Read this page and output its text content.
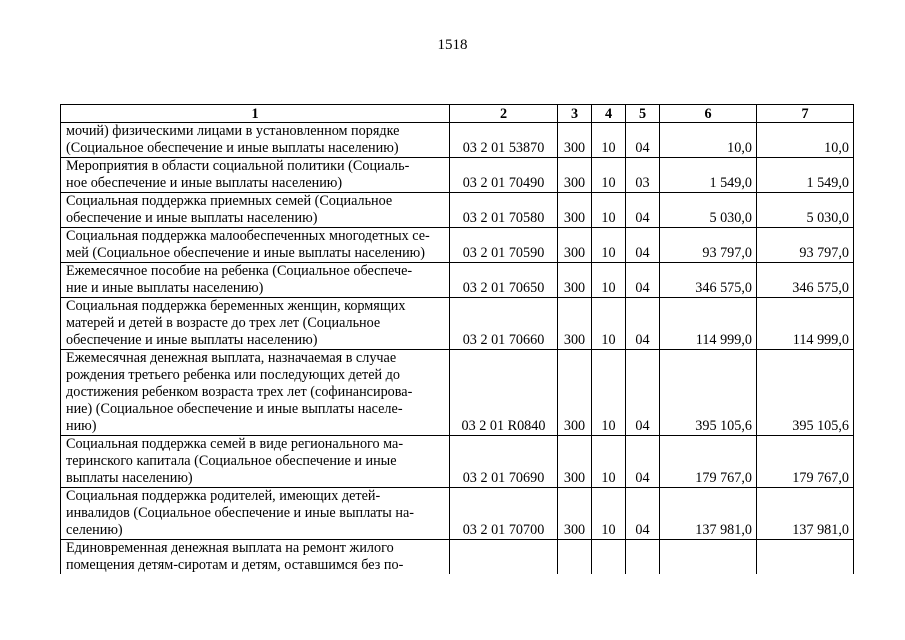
1518
1	2	3	4	5	6	7

мочий) физическими лицами в установленном порядке
(Социальное обеспечение и иные выплаты населению)	03 2 01 53870	300	10	04	10,0	10,0

Мероприятия в области социальной политики (Социаль-
ное обеспечение и иные выплаты населению)	03 2 01 70490	300	10	03	1 549,0	1 549,0

Социальная поддержка приемных семей (Социальное
обеспечение и иные выплаты населению)	03 2 01 70580	300	10	04	5 030,0	5 030,0

Социальная поддержка малообеспеченных многодетных се-
мей (Социальное обеспечение и иные выплаты населению)	03 2 01 70590	300	10	04	93 797,0	93 797,0

Ежемесячное пособие на ребенка (Социальное обеспече-
ние и иные выплаты населению)	03 2 01 70650	300	10	04	346 575,0	346 575,0

Социальная поддержка беременных женщин, кормящих
матерей и детей в возрасте до трех лет (Социальное
обеспечение и иные выплаты населению)	03 2 01 70660	300	10	04	114 999,0	114 999,0

Ежемесячная денежная выплата, назначаемая в случае
рождения третьего ребенка или последующих детей до
достижения ребенком возраста трех лет (софинансирова-
ние) (Социальное обеспечение и иные выплаты населе-
нию)	03 2 01 R0840	300	10	04	395 105,6	395 105,6

Социальная поддержка семей в виде регионального ма-
теринского капитала (Социальное обеспечение и иные
выплаты населению)	03 2 01 70690	300	10	04	179 767,0	179 767,0

Социальная поддержка родителей, имеющих детей-
инвалидов (Социальное обеспечение и иные выплаты на-
селению)	03 2 01 70700	300	10	04	137 981,0	137 981,0

Единовременная денежная выплата на ремонт жилого
помещения детям-сиротам и детям, оставшимся без по-						
